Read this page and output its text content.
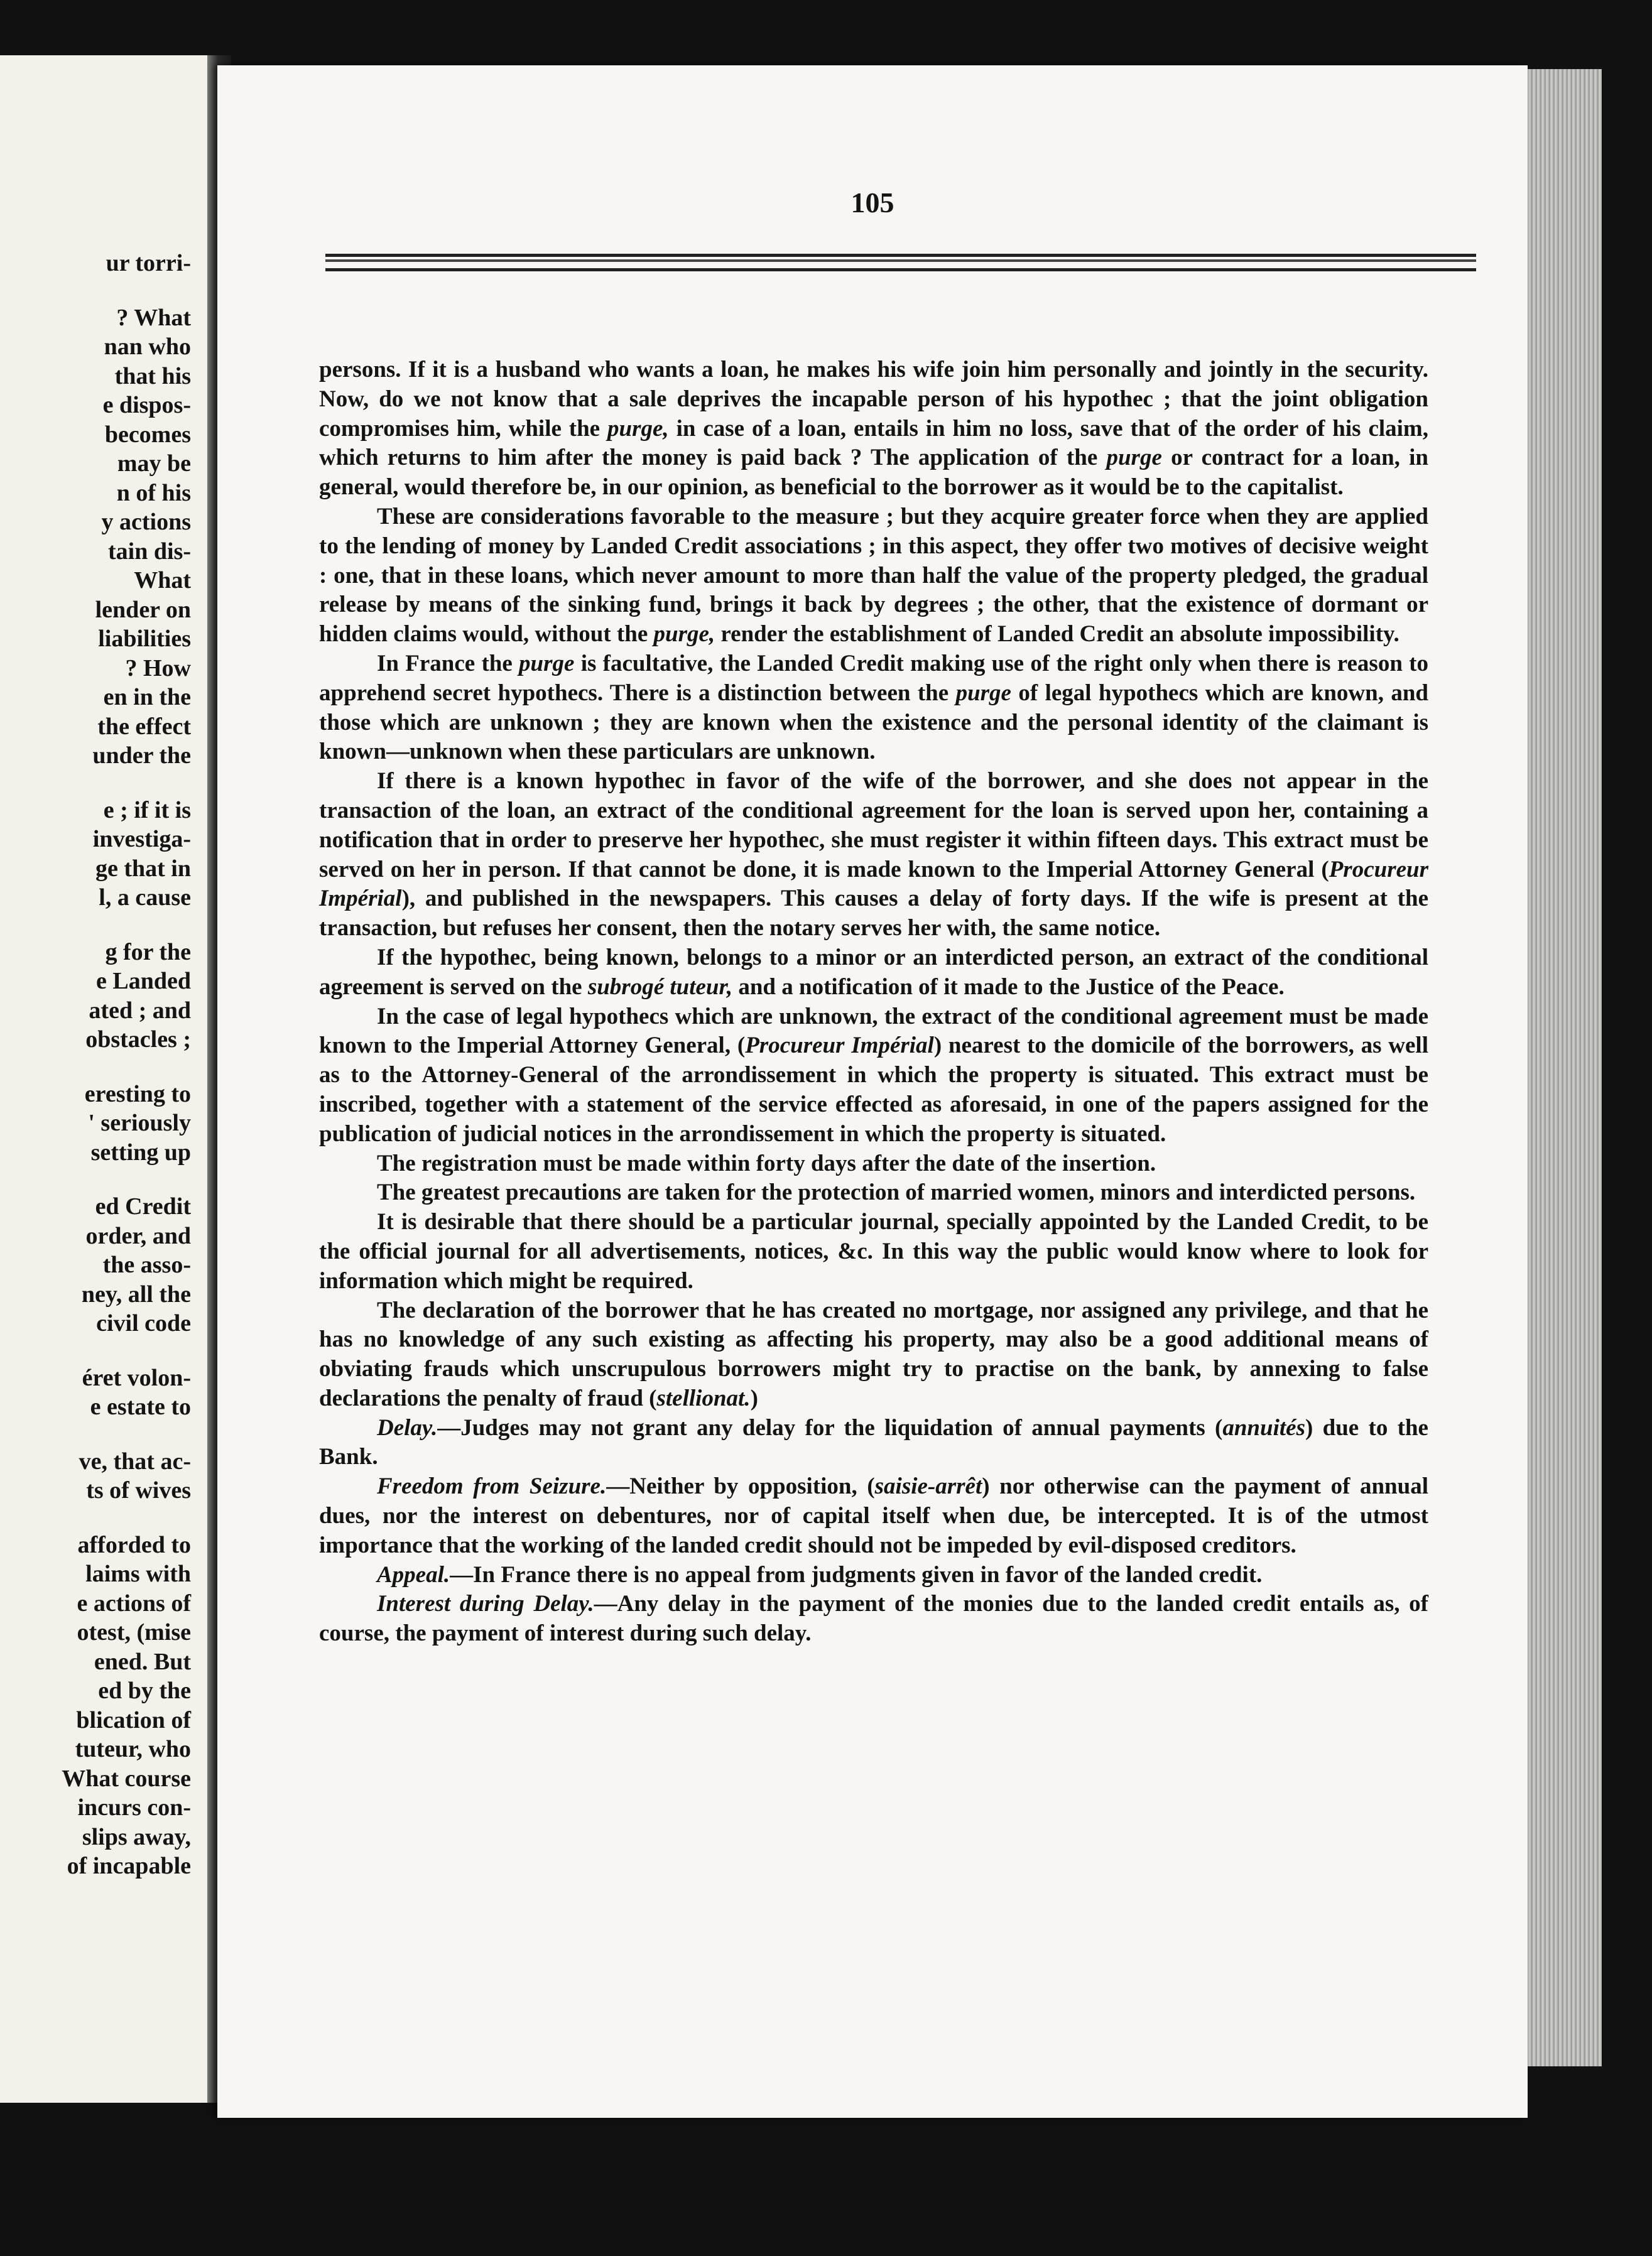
ur torri-
? What
nan who
that his
e dispos-
becomes
may be
n of his
y actions
tain dis-
What
lender on
liabilities
? How
en in the
the effect
under the
e ; if it is
investiga-
ge that in
l, a cause
g for the
e Landed
ated ; and
obstacles ;
eresting to
' seriously
setting up
ed Credit
order, and
the asso-
ney, all the
civil code
éret volon-
e estate to
ve, that ac-
ts of wives
afforded to
laims with
e actions of
otest, (mise
ened. But
ed by the
blication of
tuteur, who
What course
incurs con-
slips away,
of incapable
105

persons. If it is a husband who wants a loan, he makes his wife join him personally and jointly in the security. Now, do we not know that a sale deprives the incapable person of his hypothec ; that the joint obligation compromises him, while the purge, in case of a loan, entails in him no loss, save that of the order of his claim, which returns to him after the money is paid back ? The application of the purge or contract for a loan, in general, would therefore be, in our opinion, as beneficial to the borrower as it would be to the capitalist.

These are considerations favorable to the measure ; but they acquire greater force when they are applied to the lending of money by Landed Credit associations ; in this aspect, they offer two motives of decisive weight : one, that in these loans, which never amount to more than half the value of the property pledged, the gradual release by means of the sinking fund, brings it back by degrees ; the other, that the existence of dormant or hidden claims would, without the purge, render the establishment of Landed Credit an absolute impossibility.

In France the purge is facultative, the Landed Credit making use of the right only when there is reason to apprehend secret hypothecs. There is a distinction between the purge of legal hypothecs which are known, and those which are unknown ; they are known when the existence and the personal identity of the claimant is known—unknown when these particulars are unknown.

If there is a known hypothec in favor of the wife of the borrower, and she does not appear in the transaction of the loan, an extract of the conditional agreement for the loan is served upon her, containing a notification that in order to preserve her hypothec, she must register it within fifteen days. This extract must be served on her in person. If that cannot be done, it is made known to the Imperial Attorney General (Procureur Impérial), and published in the newspapers. This causes a delay of forty days. If the wife is present at the transaction, but refuses her consent, then the notary serves her with, the same notice.

If the hypothec, being known, belongs to a minor or an interdicted person, an extract of the conditional agreement is served on the subrogé tuteur, and a notification of it made to the Justice of the Peace.

In the case of legal hypothecs which are unknown, the extract of the conditional agreement must be made known to the Imperial Attorney General, (Procureur Impérial) nearest to the domicile of the borrowers, as well as to the Attorney-General of the arrondissement in which the property is situated. This extract must be inscribed, together with a statement of the service effected as aforesaid, in one of the papers assigned for the publication of judicial notices in the arrondissement in which the property is situated.

The registration must be made within forty days after the date of the insertion.

The greatest precautions are taken for the protection of married women, minors and interdicted persons.

It is desirable that there should be a particular journal, specially appointed by the Landed Credit, to be the official journal for all advertisements, notices, &c. In this way the public would know where to look for information which might be required.

The declaration of the borrower that he has created no mortgage, nor assigned any privilege, and that he has no knowledge of any such existing as affecting his property, may also be a good additional means of obviating frauds which unscrupulous borrowers might try to practise on the bank, by annexing to false declarations the penalty of fraud (stellionat.)

Delay.—Judges may not grant any delay for the liquidation of annual payments (annuités) due to the Bank.

Freedom from Seizure.—Neither by opposition, (saisie-arrêt) nor otherwise can the payment of annual dues, nor the interest on debentures, nor of capital itself when due, be intercepted. It is of the utmost importance that the working of the landed credit should not be impeded by evil-disposed creditors.

Appeal.—In France there is no appeal from judgments given in favor of the landed credit.

Interest during Delay.—Any delay in the payment of the monies due to the landed credit entails as, of course, the payment of interest during such delay.
